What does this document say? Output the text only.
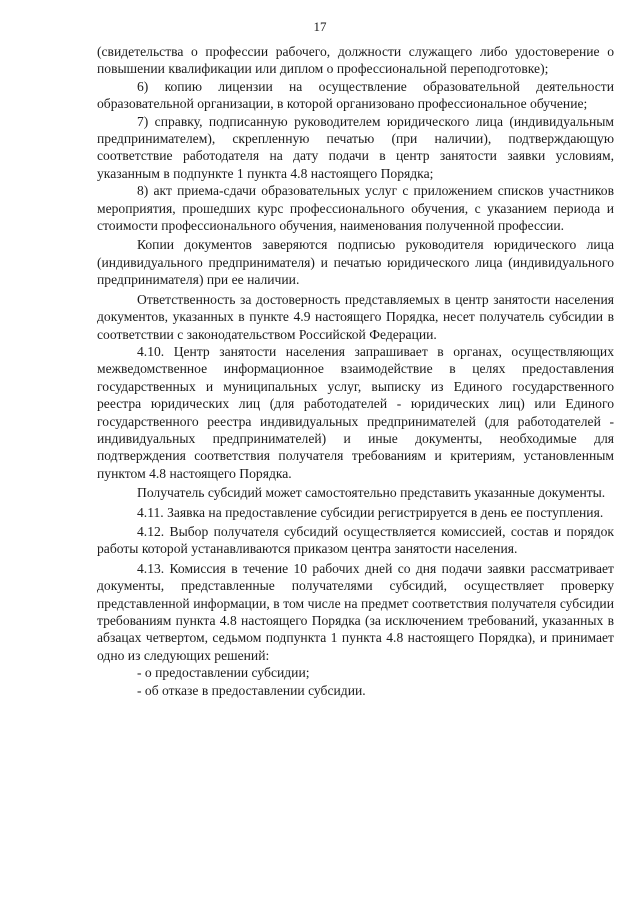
17

(свидетельства о профессии рабочего, должности служащего либо удостоверение о повышении квалификации или диплом о профессиональной переподготовке);

6) копию лицензии на осуществление образовательной деятельности образовательной организации, в которой организовано профессиональное обучение;

7) справку, подписанную руководителем юридического лица (индивидуальным предпринимателем), скрепленную печатью (при наличии), подтверждающую соответствие работодателя на дату подачи в центр занятости заявки условиям, указанным в подпункте 1 пункта 4.8 настоящего Порядка;

8) акт приема-сдачи образовательных услуг с приложением списков участников мероприятия, прошедших курс профессионального обучения, с указанием периода и стоимости профессионального обучения, наименования полученной профессии.

Копии документов заверяются подписью руководителя юридического лица (индивидуального предпринимателя) и печатью юридического лица (индивидуального предпринимателя) при ее наличии.

Ответственность за достоверность представляемых в центр занятости населения документов, указанных в пункте 4.9 настоящего Порядка, несет получатель субсидии в соответствии с законодательством Российской Федерации.

4.10. Центр занятости населения запрашивает в органах, осуществляющих межведомственное информационное взаимодействие в целях предоставления государственных и муниципальных услуг, выписку из Единого государственного реестра юридических лиц (для работодателей - юридических лиц) или Единого государственного реестра индивидуальных предпринимателей (для работодателей - индивидуальных предпринимателей) и иные документы, необходимые для подтверждения соответствия получателя требованиям и критериям, установленным пунктом 4.8 настоящего Порядка.

Получатель субсидий может самостоятельно представить указанные документы.

4.11. Заявка на предоставление субсидии регистрируется в день ее поступления.

4.12. Выбор получателя субсидий осуществляется комиссией, состав и порядок работы которой устанавливаются приказом центра занятости населения.

4.13. Комиссия в течение 10 рабочих дней со дня подачи заявки рассматривает документы, представленные получателями субсидий, осуществляет проверку представленной информации, в том числе на предмет соответствия получателя субсидии требованиям пункта 4.8 настоящего Порядка (за исключением требований, указанных в абзацах четвертом, седьмом подпункта 1 пункта 4.8 настоящего Порядка), и принимает одно из следующих решений:

- о предоставлении субсидии;

- об отказе в предоставлении субсидии.
